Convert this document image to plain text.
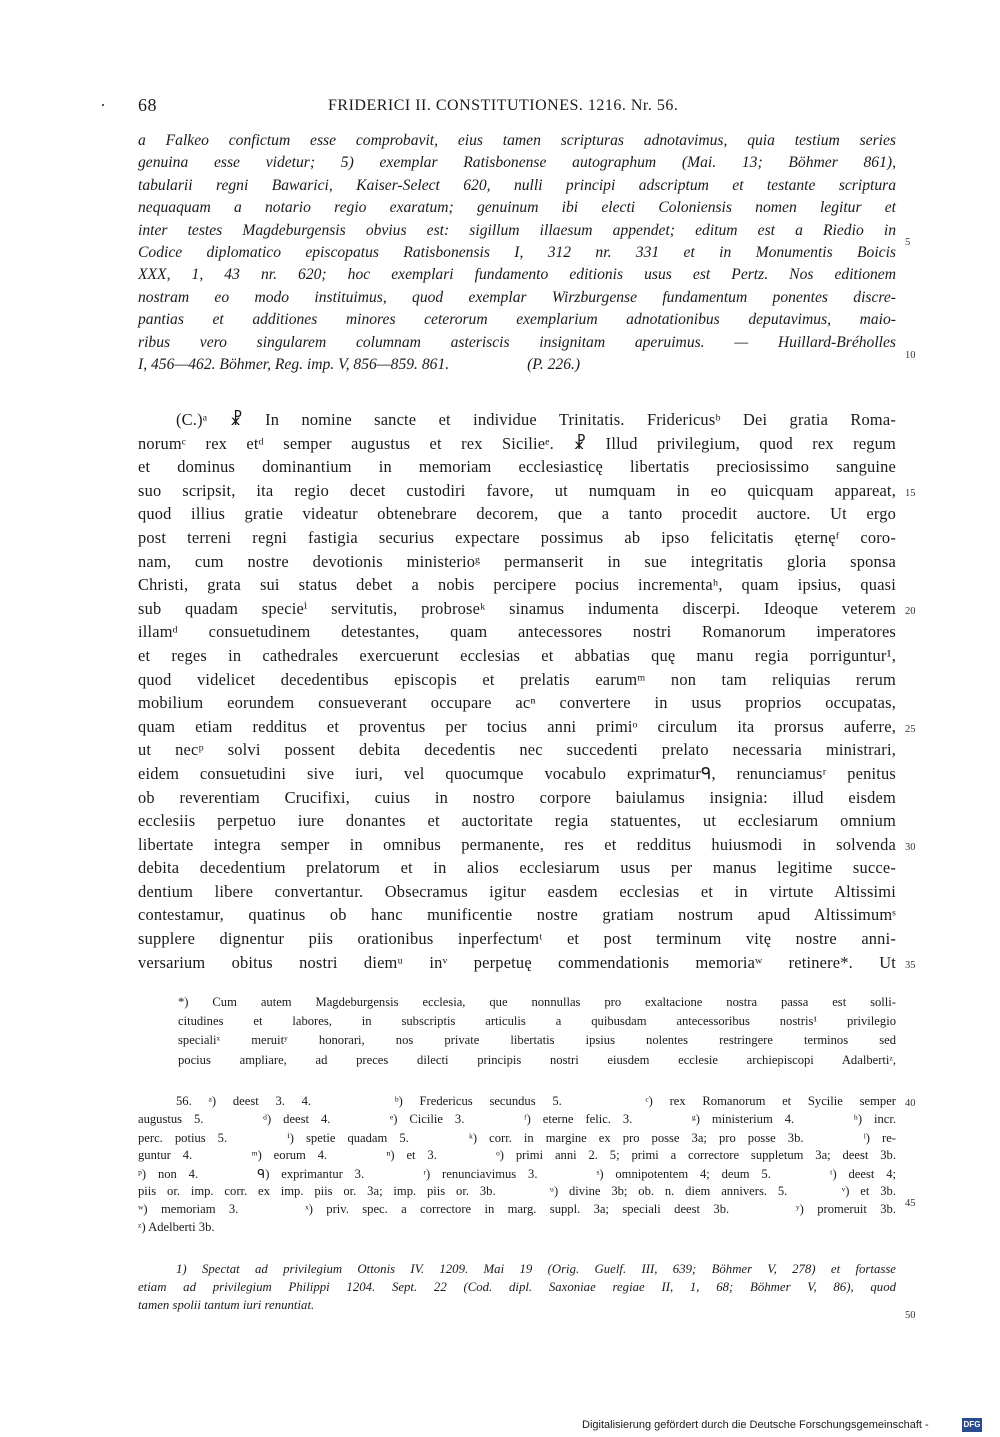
68	FRIDERICI II. CONSTITUTIONES. 1216. Nr. 56.
a Falkeo confictum esse comprobavit, eius tamen scripturas adnotavimus, quia testium series
genuina esse videtur; 5) exemplar Ratisbonense autographum (Mai. 13; Böhmer 861),
tabularii regni Bawarici, Kaiser-Select 620, nulli principi adscriptum et testante scriptura
nequaquam a notario regio exaratum; genuinum ibi electi Coloniensis nomen legitur et
inter testes Magdeburgensis obvius est: sigillum illaesum appendet; editum est a Riedio in
Codice diplomatico episcopatus Ratisbonensis I, 312 nr. 331 et in Monumentis Boicis
XXX, 1, 43 nr. 620; hoc exemplari fundamento editionis usus est Pertz. Nos editionem
nostram eo modo instituimus, quod exemplar Wirzburgense fundamentum ponentes discre-
pantias et additiones minores ceterorum exemplarium adnotationibus deputavimus, maio-
ribus vero singularem columnam asteriscis insignitam aperuimus. — Huillard-Bréholles
I, 456—462. Böhmer, Reg. imp. V, 856—859. 861.                    (P. 226.)
(C.)ᵃ ☧ In nomine sancte et individue Trinitatis. Fridericusᵇ Dei gratia Roma-
norumᶜ rex etᵈ semper augustus et rex Sicilieᵉ. ☧ Illud privilegium, quod rex regum
et dominus dominantium in memoriam ecclesiasticę libertatis preciosissimo sanguine
suo scripsit, ita regio decet custodiri favore, ut numquam in eo quicquam appareat,
quod illius gratie videatur obtenebrare decorem, que a tanto procedit auctore. Ut ergo
post terreni regni fastigia securius expectare possimus ab ipso felicitatis ęternęᶠ coro-
nam, cum nostre devotionis ministerioᵍ permanserit in sue integritatis gloria sponsa
Christi, grata sui status debet a nobis percipere pocius incrementaʰ, quam ipsius, quasi
sub quadam specieⁱ servitutis, probroseᵏ sinamus indumenta discerpi. Ideoque veterem
illamᵈ consuetudinem detestantes, quam antecessores nostri Romanorum imperatores
et reges in cathedrales exercuerunt ecclesias et abbatias quę manu regia porriguntur¹,
quod videlicet decedentibus episcopis et prelatis earumᵐ non tam reliquias rerum
mobilium eorundem consueverant occupare acⁿ convertere in usus proprios occupatas,
quam etiam redditus et proventus per tocius anni primiᵒ circulum ita prorsus auferre,
ut necᵖ solvi possent debita decedentis nec succedenti prelato necessaria ministrari,
eidem consuetudini sive iuri, vel quocumque vocabulo exprimaturᑫ, renunciamusʳ penitus
ob reverentiam Crucifixi, cuius in nostro corpore baiulamus insignia: illud eisdem
ecclesiis perpetuo iure donantes et auctoritate regia statuentes, ut ecclesiarum omnium
libertate integra semper in omnibus permanente, res et redditus huiusmodi in solvenda
debita decedentium prelatorum et in alios ecclesiarum usus per manus legitime succe-
dentium libere convertantur. Obsecramus igitur easdem ecclesias et in virtute Altissimi
contestamur, quatinus ob hanc munificentie nostre gratiam nostrum apud Altissimumˢ
supplere dignentur piis orationibus inperfectumᵗ et post terminum vitę nostre anni-
versarium obitus nostri diemᵘ inᵛ perpetuę commendationis memoriaʷ retinere*. Ut
*) Cum autem Magdeburgensis ecclesia, que nonnullas pro exaltacione nostra passa est solli-
citudines et labores, in subscriptis articulis a quibusdam antecessoribus nostris¹ privilegio
specialiˣ meruitʸ honorari, nos private libertatis ipsius nolentes restringere terminos sed
pocius ampliare, ad preces dilecti principis nostri eiusdem ecclesie archiepiscopi Adalbertiᶻ,
56. ᵃ) deest 3. 4.     ᵇ) Fredericus secundus 5.     ᶜ) rex Romanorum et Sycilie semper
augustus 5.     ᵈ) deest 4.     ᵉ) Cicilie 3.     ᶠ) eterne felic. 3.     ᵍ) ministerium 4.     ʰ) incr.
perc. potius 5.     ⁱ) spetie quadam 5.     ᵏ) corr. in margine ex pro posse 3a; pro posse 3b.     ˡ) re-
guntur 4.     ᵐ) eorum 4.     ⁿ) et 3.     ᵒ) primi anni 2. 5; primi a correctore suppletum 3a; deest 3b.
ᵖ) non 4.     ᑫ) exprimantur 3.     ʳ) renunciavimus 3.     ˢ) omnipotentem 4; deum 5.     ᵗ) deest 4;
piis or. imp. corr. ex imp. piis or. 3a; imp. piis or. 3b.     ᵘ) divine 3b; ob. n. diem annivers. 5.     ᵛ) et 3b.
ʷ) memoriam 3.     ˣ) priv. spec. a correctore in marg. suppl. 3a; speciali deest 3b.     ʸ) promeruit 3b.
ᶻ) Adelberti 3b.
1) Spectat ad privilegium Ottonis IV. 1209. Mai 19 (Orig. Guelf. III, 639; Böhmer V, 278) et fortasse
etiam ad privilegium Philippi 1204. Sept. 22 (Cod. dipl. Saxoniae regiae II, 1, 68; Böhmer V, 86), quod
tamen spolii tantum iuri renuntiat.
5
10
15
20
25
30
35
40
45
50
Digitalisierung gefördert durch die Deutsche Forschungsgemeinschaft -	DFG
